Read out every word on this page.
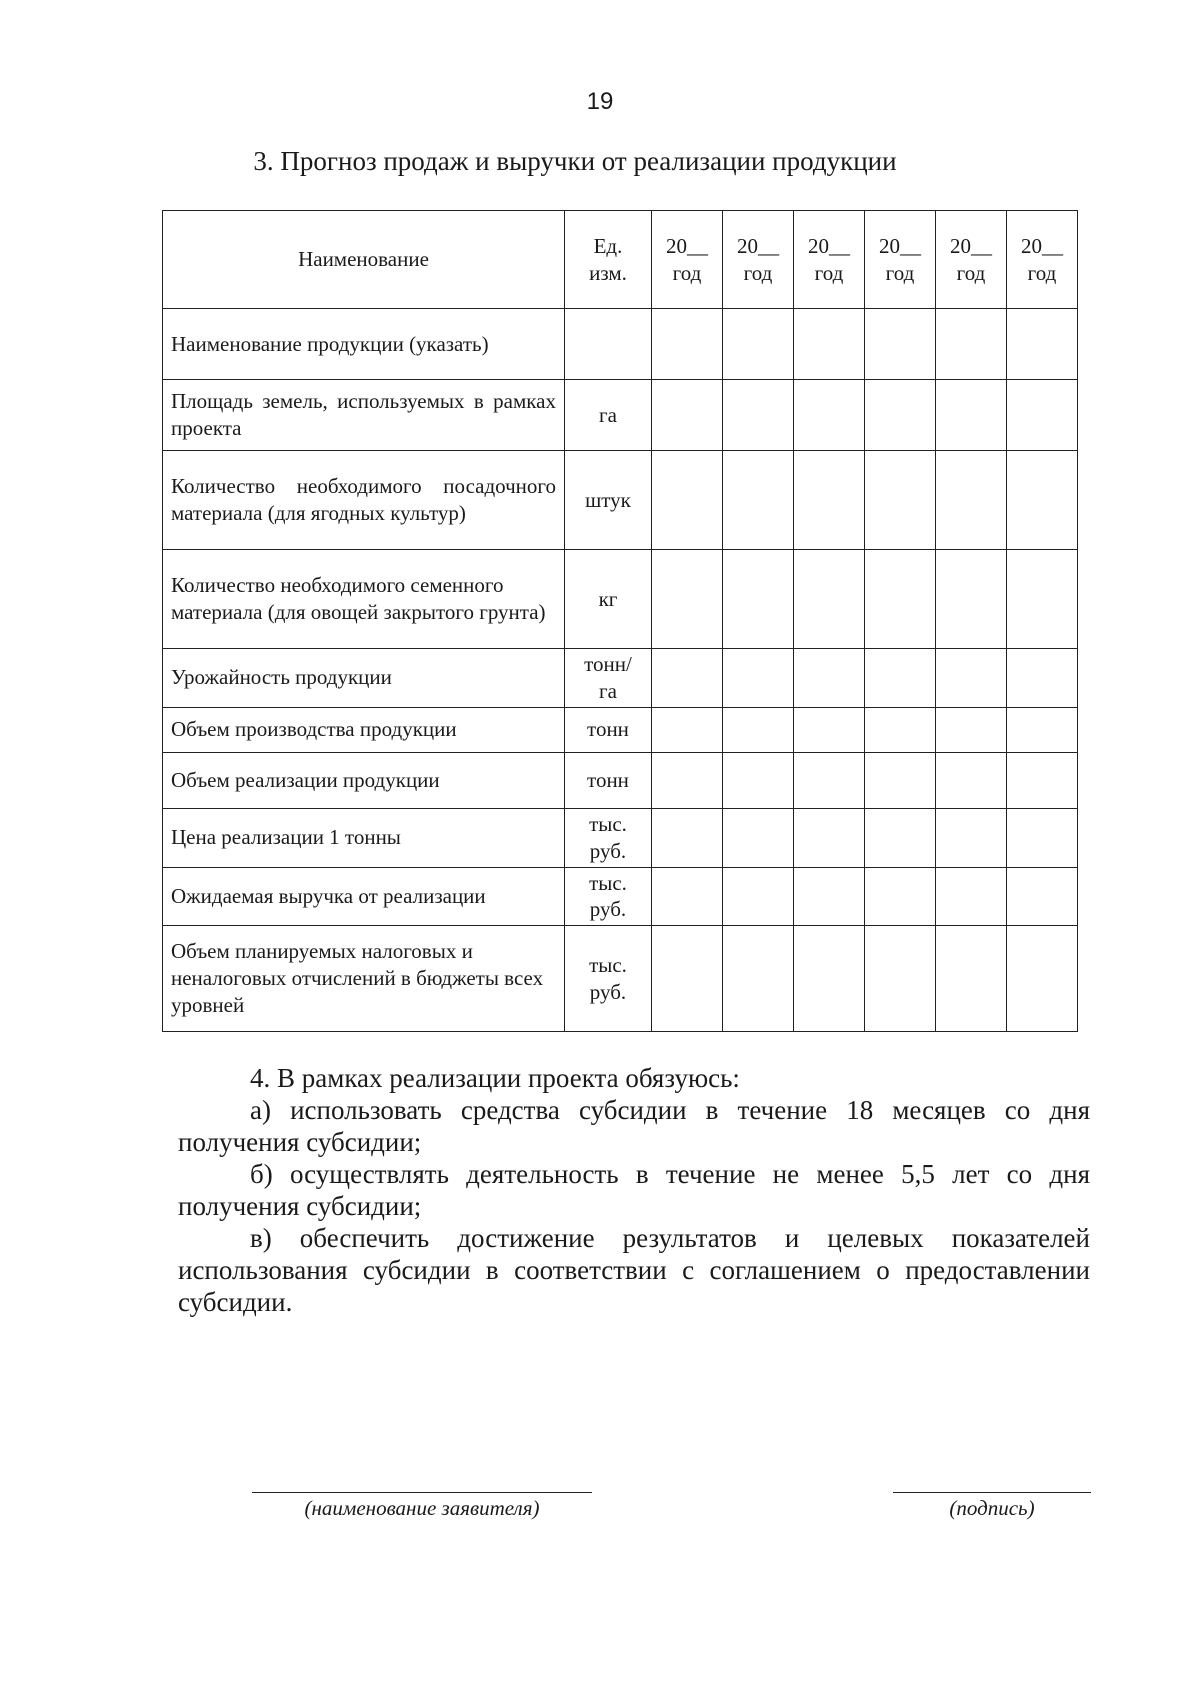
19
3. Прогноз продаж и выручки от реализации продукции
Наименование	Ед. изм.	20__ год	20__ год	20__ год	20__ год	20__ год	20__ год
Наименование продукции (указать)							
Площадь земель, используемых в рамках проекта	га						
Количество необходимого посадочного материала (для ягодных культур)	штук						
Количество необходимого семенного материала (для овощей закрытого грунта)	кг						
Урожайность продукции	тонн/ га						
Объем производства продукции	тонн						
Объем реализации продукции	тонн						
Цена реализации 1 тонны	тыс. руб.						
Ожидаемая выручка от реализации	тыс. руб.						
Объем планируемых налоговых и неналоговых отчислений в бюджеты всех уровней	тыс. руб.						

4. В рамках реализации проекта обязуюсь:

а) использовать средства субсидии в течение 18 месяцев со дня получения субсидии;

б) осуществлять деятельность в течение не менее 5,5 лет со дня получения субсидии;

в) обеспечить достижение результатов и целевых показателей использования субсидии в соответствии с соглашением о предоставлении субсидии.

(наименование заявителя)	(подпись)
